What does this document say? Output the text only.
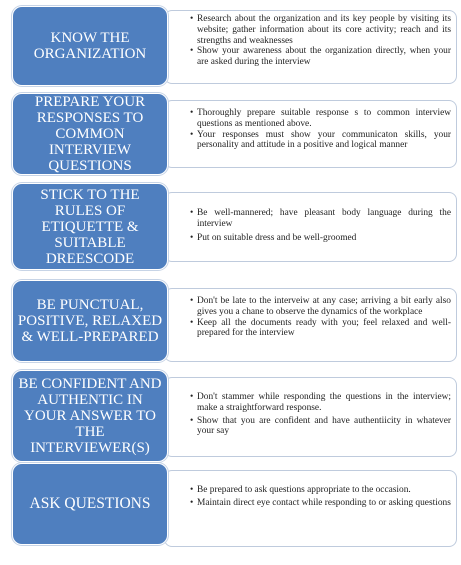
KNOW THE ORGANIZATION
• Research about the organization and its key people by visiting its website; gather information about its core activity; reach and its strengths and weaknesses
• Show your awareness about the organization directly, when your are asked during the interview
PREPARE YOUR RESPONSES TO COMMON INTERVIEW QUESTIONS
• Thoroughly prepare suitable response s to common interview questions as mentioned above.
• Your responses must show your communicaton skills, your personality and attitude in a positive and logical manner
STICK TO THE RULES OF ETIQUETTE & SUITABLE DREESCODE
• Be well-mannered; have pleasant body language during the interview
• Put on suitable dress and be well-groomed
BE PUNCTUAL, POSITIVE, RELAXED & WELL-PREPARED
• Don't be late to the interveiw at any case; arriving a bit early also gives you a chane to observe the dynamics of the workplace
• Keep all the documents ready with you; feel relaxed and well-prepared for the interview
BE CONFIDENT AND AUTHENTIC IN YOUR ANSWER TO THE INTERVIEWER(S)
• Don't stammer while responding the questions in the interview; make a straightforward response.
• Show that you are confident and have authentiicity in whatever your say
ASK QUESTIONS
• Be prepared to ask questions appropriate to the occasion.
• Maintain direct eye contact while responding to or asking questions
